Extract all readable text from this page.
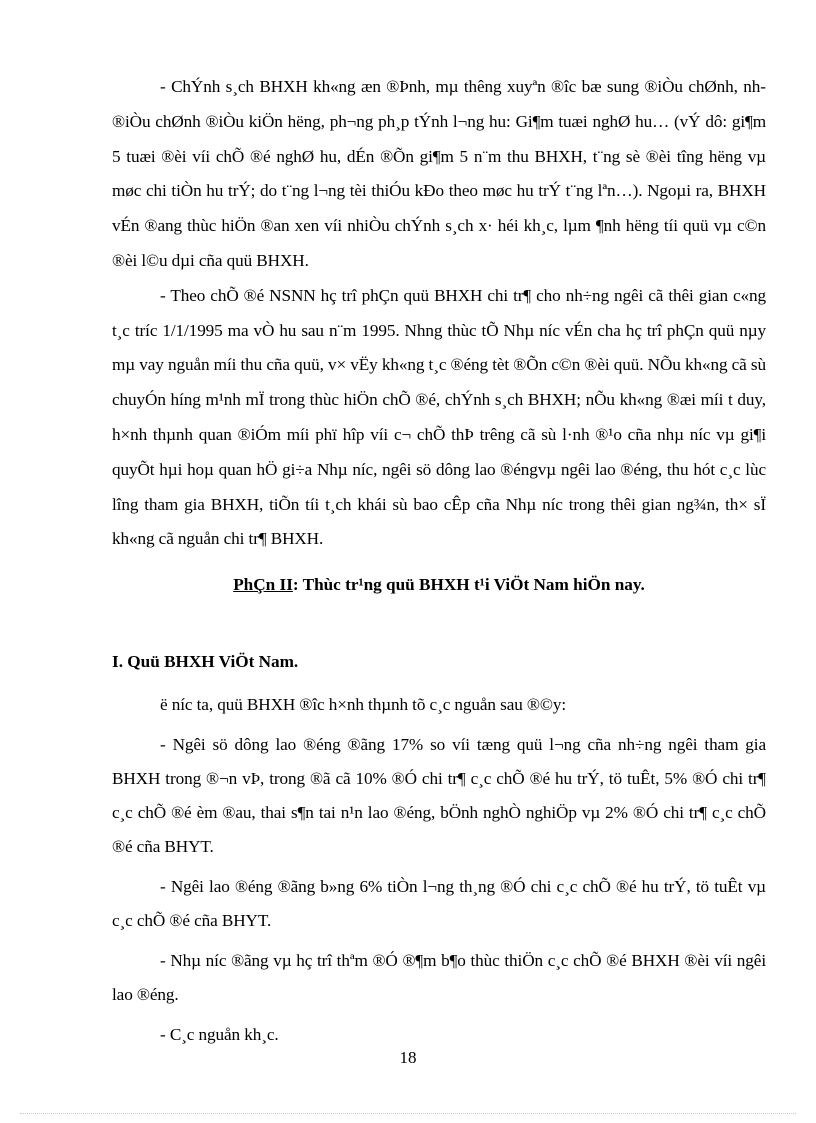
- ChÝnh s¸ch BHXH kh«ng æn ®Þnh, mµ thêng xuyªn ®îc bæ sung ®iÒu chØnh, nh ®iÒu chØnh ®iÒu kiÖn hëng, ph¬ng ph¸p tÝnh l¬ng hu: Gi¶m tuæi nghØ hu… (vÝ dô: gi¶m 5 tuæi ®èi víi chÕ ®é nghØ hu, dÉn ®Õn gi¶m 5 n¨m thu BHXH, t¨ng sè ®èi tîng hëng vµ møc chi tiÒn hu trÝ; do t¨ng l¬ng tèi thiÓu kÐo theo møc hu trÝ t¨ng lªn…). Ngoµi ra, BHXH vÉn ®ang thùc hiÖn ®an xen víi nhiÒu chÝnh s¸ch x· héi kh¸c, lµm ¶nh hëng tíi quü vµ c©n ®èi l©u dµi cña quü BHXH.

- Theo chÕ ®é NSNN hç trî phÇn quü BHXH chi tr¶ cho nh÷ng ngêi cã thêi gian c«ng t¸c tríc 1/1/1995 ma vÒ hu sau n¨m 1995. Nhng thùc tÕ Nhµ níc vÉn cha hç trî phÇn quü nµy mµ vay nguån míi thu cña quü, v× vËy kh«ng t¸c ®éng tèt ®Õn c©n ®èi quü. NÕu kh«ng cã sù chuyÓn híng m¹nh mÏ trong thùc hiÖn chÕ ®é, chÝnh s¸ch BHXH; nÕu kh«ng ®æi míi t duy, h×nh thµnh quan ®iÓm míi phï hîp víi c¬ chÕ thÞ trêng cã sù l·nh ®¹o cña nhµ níc vµ gi¶i quyÕt hµi hoµ quan hÖ gi÷a Nhµ níc, ngêi sö dông lao ®éngvµ ngêi lao ®éng, thu hót c¸c lùc lîng tham gia BHXH, tiÕn tíi t¸ch khái sù bao cÊp cña Nhµ níc trong thêi gian ng¾n, th× sÏ kh«ng cã nguån chi tr¶ BHXH.

PhÇn II: Thùc tr¹ng quü BHXH t¹i ViÖt Nam hiÖn nay.

I. Quü BHXH ViÖt Nam.

ë níc ta, quü BHXH ®îc h×nh thµnh tõ c¸c nguån sau ®©y:

- Ngêi sö dông lao ®éng ®ãng 17% so víi tæng quü l¬ng cña nh÷ng ngêi tham gia BHXH trong ®¬n vÞ, trong ®ã cã 10% ®Ó chi tr¶ c¸c chÕ ®é hu trÝ, tö tuÊt, 5% ®Ó chi tr¶ c¸c chÕ ®é èm ®au, thai s¶n tai n¹n lao ®éng, bÖnh nghÒ nghiÖp vµ 2% ®Ó chi tr¶ c¸c chÕ ®é cña BHYT.

- Ngêi lao ®éng ®ãng b»ng 6% tiÒn l¬ng th¸ng ®Ó chi c¸c chÕ ®é hu trÝ, tö tuÊt vµ c¸c chÕ ®é cña BHYT.

- Nhµ níc ®ãng vµ hç trî thªm ®Ó ®¶m b¶o thùc thiÖn c¸c chÕ ®é BHXH ®èi víi ngêi lao ®éng.

- C¸c nguån kh¸c.

18
